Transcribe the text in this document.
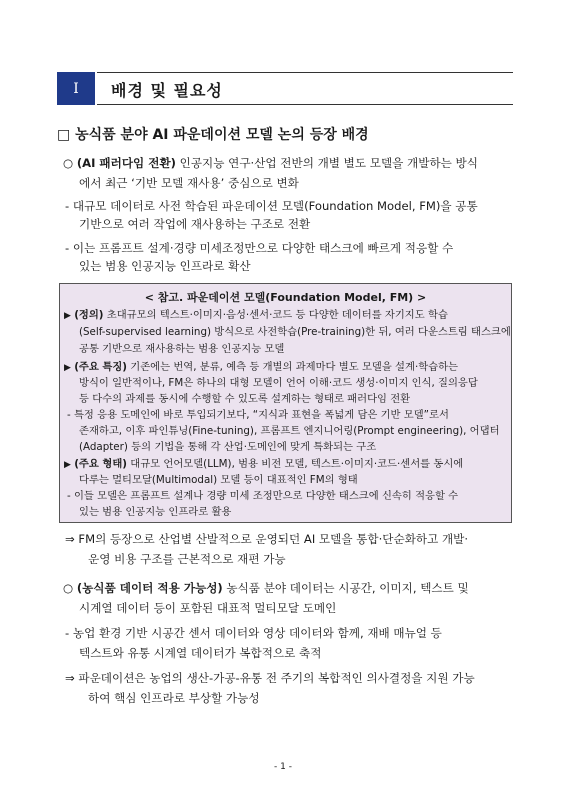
Ⅰ	배경 및 필요성
□ 농식품 분야 AI 파운데이션 모델 논의 등장 배경
○ (AI 패러다임 전환) 인공지능 연구·산업 전반의 개별 별도 모델을 개발하는 방식
에서 최근 ‘기반 모델 재사용’ 중심으로 변화
- 대규모 데이터로 사전 학습된 파운데이션 모델(Foundation Model, FM)을 공통
기반으로 여러 작업에 재사용하는 구조로 전환
- 이는 프롬프트 설계·경량 미세조정만으로 다양한 태스크에 빠르게 적응할 수
있는 범용 인공지능 인프라로 확산
< 참고. 파운데이션 모델(Foundation Model, FM) >
▶ (정의) 초대규모의 텍스트·이미지·음성·센서·코드 등 다양한 데이터를 자기지도 학습
(Self-supervised learning) 방식으로 사전학습(Pre-training)한 뒤, 여러 다운스트림 태스크에
공통 기반으로 재사용하는 범용 인공지능 모델
▶ (주요 특징) 기존에는 번역, 분류, 예측 등 개별의 과제마다 별도 모델을 설계·학습하는
방식이 일반적이나, FM은 하나의 대형 모델이 언어 이해·코드 생성·이미지 인식, 질의응답
등 다수의 과제를 동시에 수행할 수 있도록 설계하는 형태로 패러다임 전환
- 특정 응용 도메인에 바로 투입되기보다, “지식과 표현을 폭넓게 담은 기반 모델”로서
존재하고, 이후 파인튜닝(Fine-tuning), 프롬프트 엔지니어링(Prompt engineering), 어댑터
(Adapter) 등의 기법을 통해 각 산업·도메인에 맞게 특화되는 구조
▶ (주요 형태) 대규모 언어모델(LLM), 범용 비전 모델, 텍스트·이미지·코드·센서를 동시에
다루는 멀티모달(Multimodal) 모델 등이 대표적인 FM의 형태
- 이들 모델은 프롬프트 설계나 경량 미세 조정만으로 다양한 태스크에 신속히 적응할 수
있는 범용 인공지능 인프라로 활용
⇒ FM의 등장으로 산업별 산발적으로 운영되던 AI 모델을 통합·단순화하고 개발·
운영 비용 구조를 근본적으로 재편 가능
○ (농식품 데이터 적용 가능성) 농식품 분야 데이터는 시공간, 이미지, 텍스트 및
시계열 데이터 등이 포함된 대표적 멀티모달 도메인
- 농업 환경 기반 시공간 센서 데이터와 영상 데이터와 함께, 재배 매뉴얼 등
텍스트와 유통 시계열 데이터가 복합적으로 축적
⇒ 파운데이션은 농업의 생산-가공-유통 전 주기의 복합적인 의사결정을 지원 가능
하여 핵심 인프라로 부상할 가능성
- 1 -
